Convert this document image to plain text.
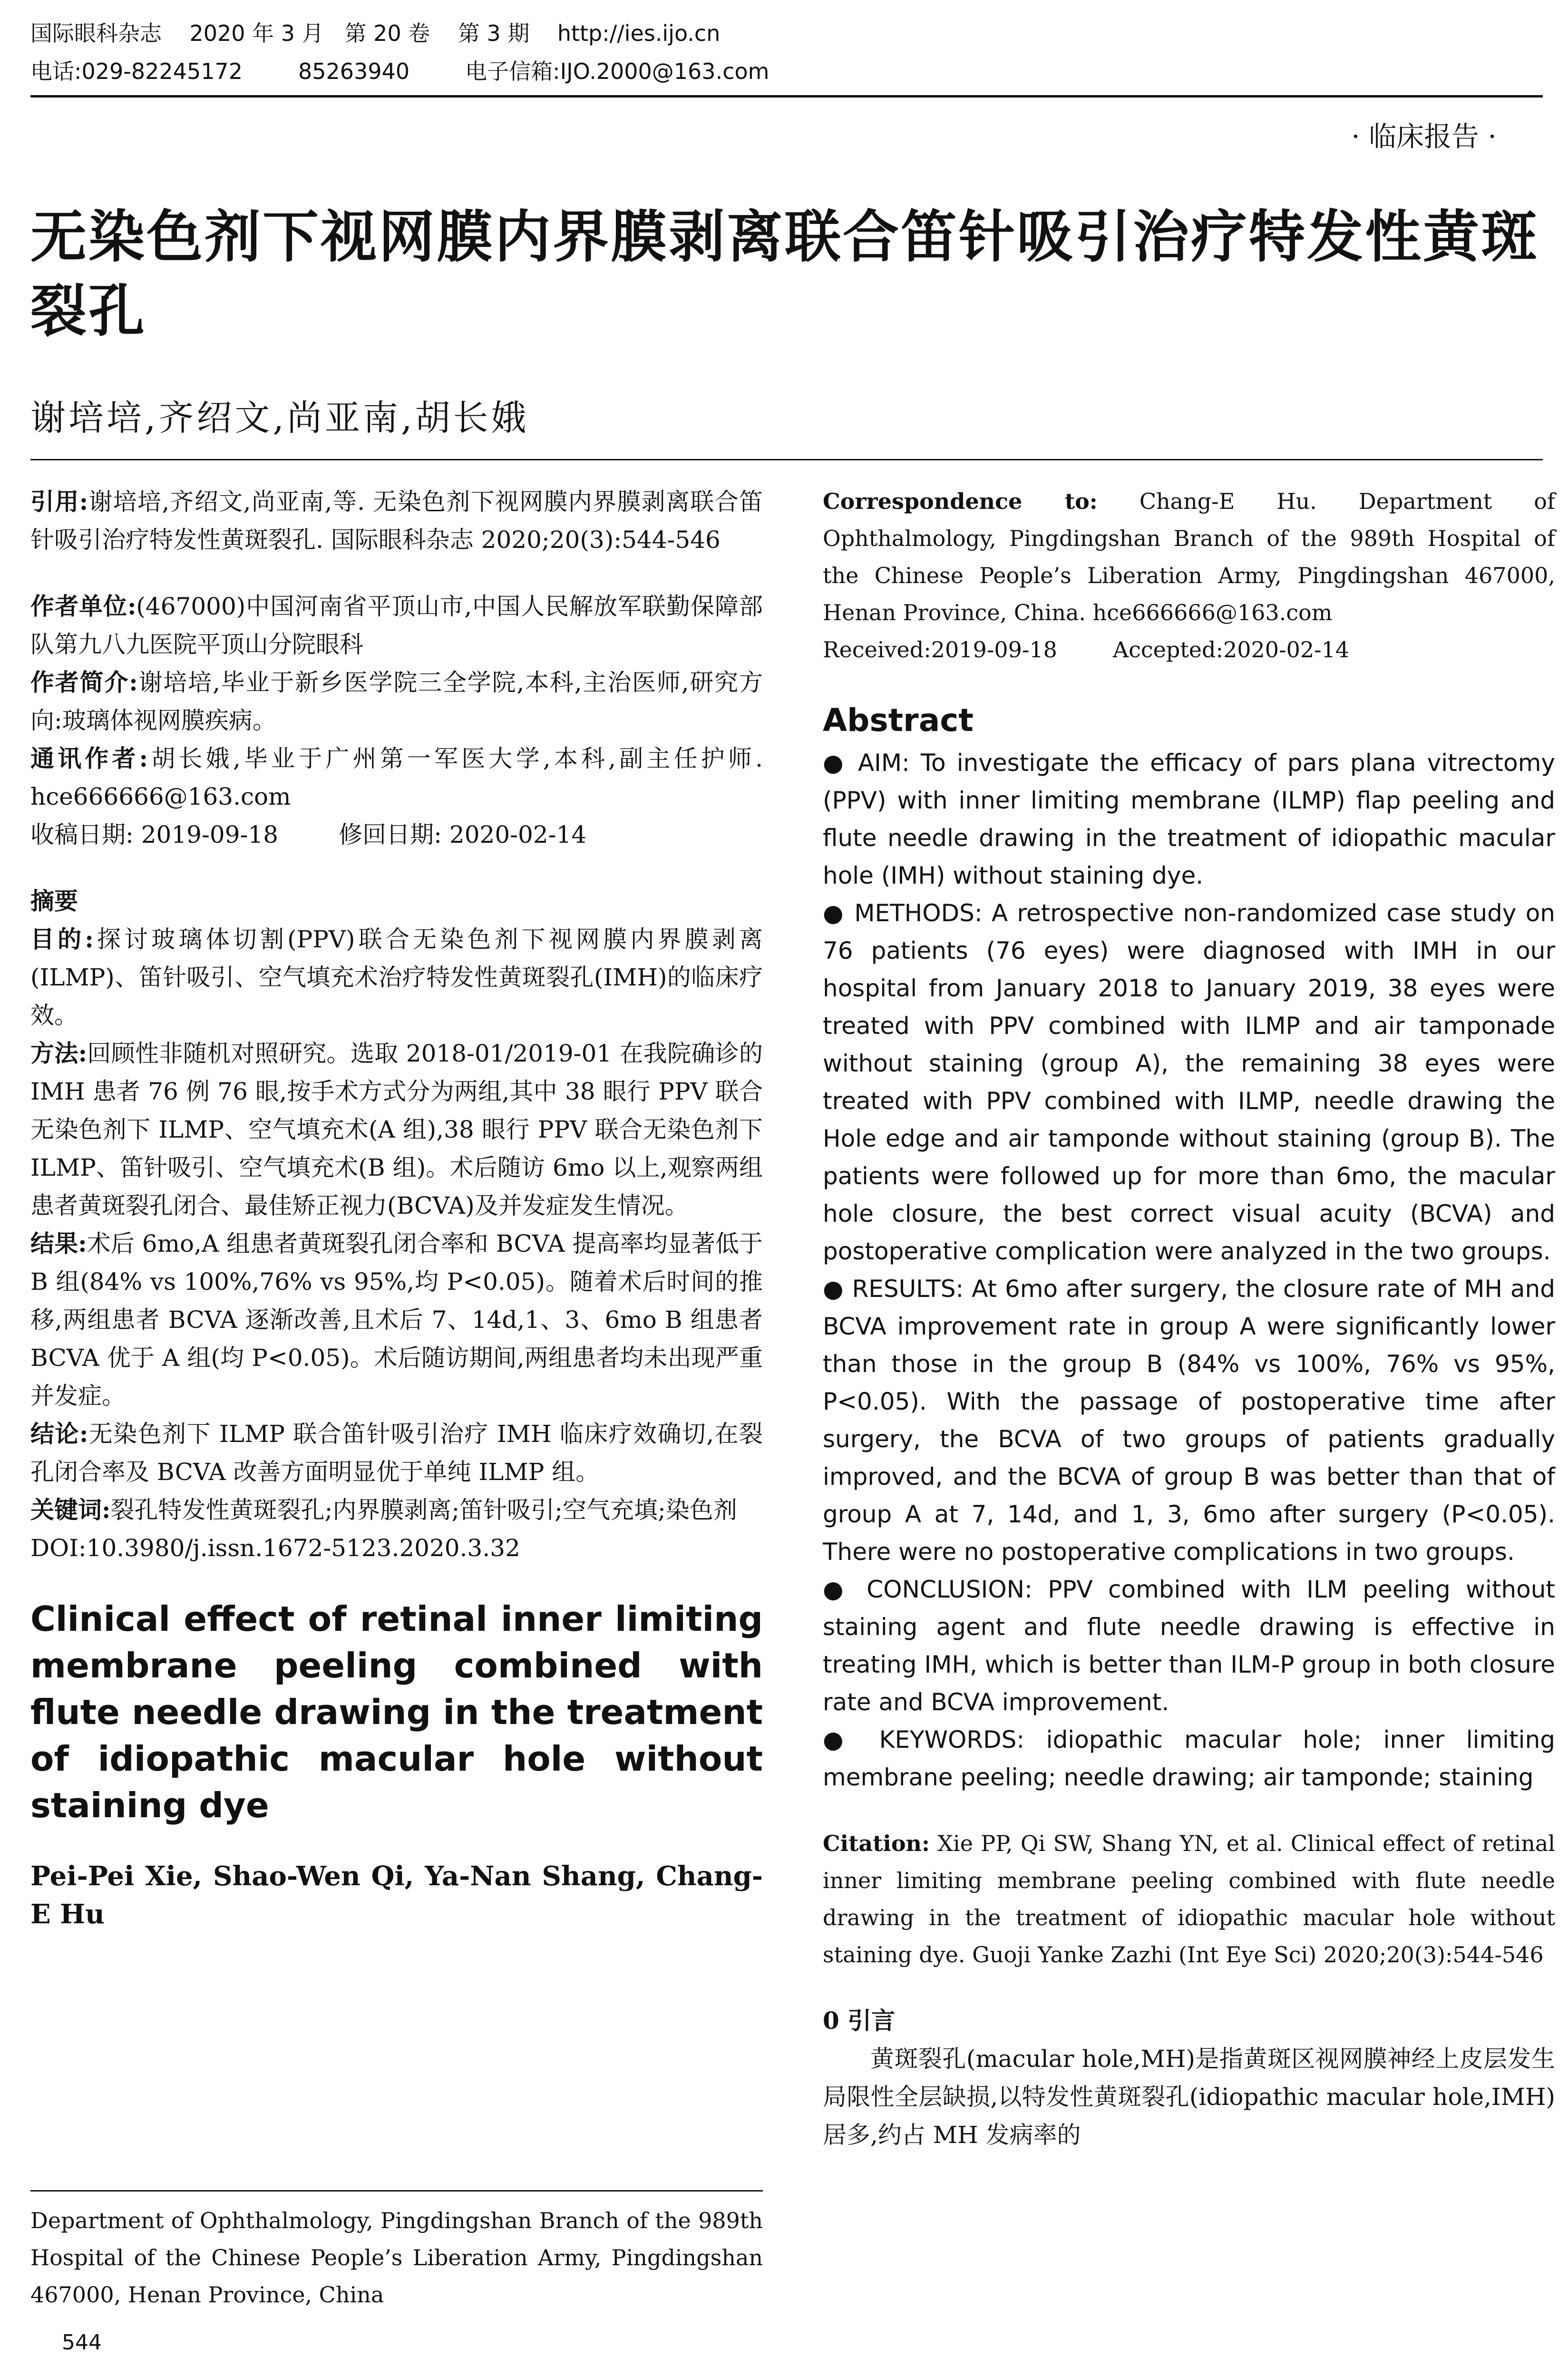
国际眼科杂志    2020 年 3 月   第 20 卷    第 3 期    http://ies.ijo.cn
电话:029-82245172        85263940        电子信箱:IJO.2000@163.com
· 临床报告 ·
无染色剂下视网膜内界膜剥离联合笛针吸引治疗特发性黄斑裂孔
谢培培,齐绍文,尚亚南,胡长娥

引用:谢培培,齐绍文,尚亚南,等. 无染色剂下视网膜内界膜剥离联合笛针吸引治疗特发性黄斑裂孔. 国际眼科杂志 2020;20(3):544-546

作者单位:(467000)中国河南省平顶山市,中国人民解放军联勤保障部队第九八九医院平顶山分院眼科

作者简介:谢培培,毕业于新乡医学院三全学院,本科,主治医师,研究方向:玻璃体视网膜疾病。

通讯作者:胡长娥,毕业于广州第一军医大学,本科,副主任护师. hce666666@163.com

收稿日期: 2019-09-18        修回日期: 2020-02-14

摘要

目的:探讨玻璃体切割(PPV)联合无染色剂下视网膜内界膜剥离(ILMP)、笛针吸引、空气填充术治疗特发性黄斑裂孔(IMH)的临床疗效。

方法:回顾性非随机对照研究。选取 2018-01/2019-01 在我院确诊的 IMH 患者 76 例 76 眼,按手术方式分为两组,其中 38 眼行 PPV 联合无染色剂下 ILMP、空气填充术(A 组),38 眼行 PPV 联合无染色剂下 ILMP、笛针吸引、空气填充术(B 组)。术后随访 6mo 以上,观察两组患者黄斑裂孔闭合、最佳矫正视力(BCVA)及并发症发生情况。

结果:术后 6mo,A 组患者黄斑裂孔闭合率和 BCVA 提高率均显著低于 B 组(84% vs 100%,76% vs 95%,均 P<0.05)。随着术后时间的推移,两组患者 BCVA 逐渐改善,且术后 7、14d,1、3、6mo B 组患者 BCVA 优于 A 组(均 P<0.05)。术后随访期间,两组患者均未出现严重并发症。

结论:无染色剂下 ILMP 联合笛针吸引治疗 IMH 临床疗效确切,在裂孔闭合率及 BCVA 改善方面明显优于单纯 ILMP 组。

关键词:裂孔特发性黄斑裂孔;内界膜剥离;笛针吸引;空气充填;染色剂

DOI:10.3980/j.issn.1672-5123.2020.3.32

Clinical effect of retinal inner limiting membrane peeling combined with flute needle drawing in the treatment of idiopathic macular hole without staining dye

Pei-Pei Xie, Shao-Wen Qi, Ya-Nan Shang, Chang-E Hu

Department of Ophthalmology, Pingdingshan Branch of the 989th Hospital of the Chinese People’s Liberation Army, Pingdingshan 467000, Henan Province, China

Correspondence to: Chang-E Hu. Department of Ophthalmology, Pingdingshan Branch of the 989th Hospital of the Chinese People’s Liberation Army, Pingdingshan 467000, Henan Province, China. hce666666@163.com

Received:2019-09-18        Accepted:2020-02-14

Abstract

● AIM: To investigate the efficacy of pars plana vitrectomy (PPV) with inner limiting membrane (ILMP) flap peeling and flute needle drawing in the treatment of idiopathic macular hole (IMH) without staining dye.

● METHODS: A retrospective non-randomized case study on 76 patients (76 eyes) were diagnosed with IMH in our hospital from January 2018 to January 2019, 38 eyes were treated with PPV combined with ILMP and air tamponade without staining (group A), the remaining 38 eyes were treated with PPV combined with ILMP, needle drawing the Hole edge and air tamponde without staining (group B). The patients were followed up for more than 6mo, the macular hole closure, the best correct visual acuity (BCVA) and postoperative complication were analyzed in the two groups.

● RESULTS: At 6mo after surgery, the closure rate of MH and BCVA improvement rate in group A were significantly lower than those in the group B (84% vs 100%, 76% vs 95%, P<0.05). With the passage of postoperative time after surgery, the BCVA of two groups of patients gradually improved, and the BCVA of group B was better than that of group A at 7, 14d, and 1, 3, 6mo after surgery (P<0.05). There were no postoperative complications in two groups.

● CONCLUSION: PPV combined with ILM peeling without staining agent and flute needle drawing is effective in treating IMH, which is better than ILM-P group in both closure rate and BCVA improvement.

● KEYWORDS: idiopathic macular hole; inner limiting membrane peeling; needle drawing; air tamponde; staining

Citation: Xie PP, Qi SW, Shang YN, et al. Clinical effect of retinal inner limiting membrane peeling combined with flute needle drawing in the treatment of idiopathic macular hole without staining dye. Guoji Yanke Zazhi (Int Eye Sci) 2020;20(3):544-546

0 引言

黄斑裂孔(macular hole,MH)是指黄斑区视网膜神经上皮层发生局限性全层缺损,以特发性黄斑裂孔(idiopathic macular hole,IMH)居多,约占 MH 发病率的

544
